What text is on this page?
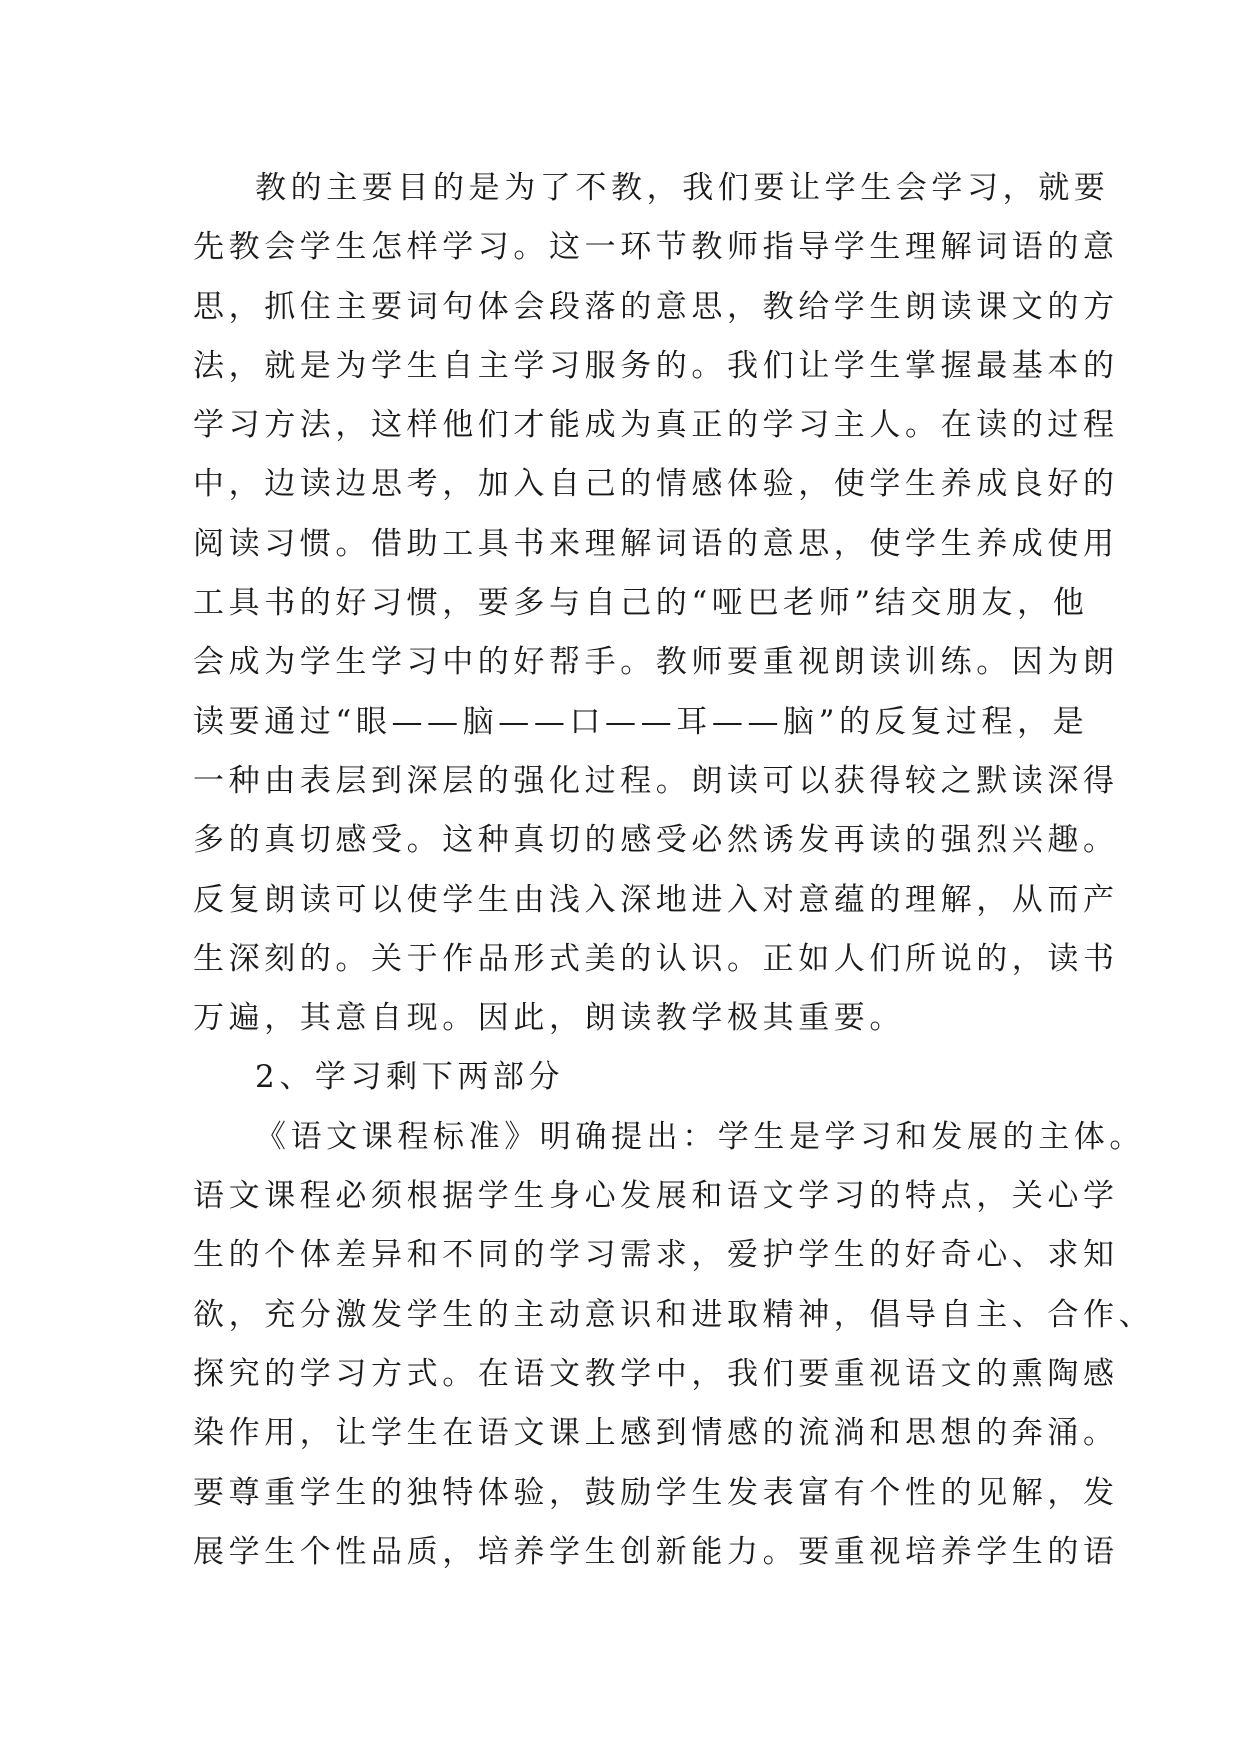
教的主要目的是为了不教，我们要让学生会学习，就要
先教会学生怎样学习。这一环节教师指导学生理解词语的意
思，抓住主要词句体会段落的意思，教给学生朗读课文的方
法，就是为学生自主学习服务的。我们让学生掌握最基本的
学习方法，这样他们才能成为真正的学习主人。在读的过程
中，边读边思考，加入自己的情感体验，使学生养成良好的
阅读习惯。借助工具书来理解词语的意思，使学生养成使用
工具书的好习惯，要多与自己的“哑巴老师”结交朋友，他
会成为学生学习中的好帮手。教师要重视朗读训练。因为朗
读要通过“眼——脑——口——耳——脑”的反复过程，是
一种由表层到深层的强化过程。朗读可以获得较之默读深得
多的真切感受。这种真切的感受必然诱发再读的强烈兴趣。
反复朗读可以使学生由浅入深地进入对意蕴的理解，从而产
生深刻的。关于作品形式美的认识。正如人们所说的，读书
万遍，其意自现。因此，朗读教学极其重要。
2、学习剩下两部分
《语文课程标准》明确提出：学生是学习和发展的主体。
语文课程必须根据学生身心发展和语文学习的特点，关心学
生的个体差异和不同的学习需求，爱护学生的好奇心、求知
欲，充分激发学生的主动意识和进取精神，倡导自主、合作、
探究的学习方式。在语文教学中，我们要重视语文的熏陶感
染作用，让学生在语文课上感到情感的流淌和思想的奔涌。
要尊重学生的独特体验，鼓励学生发表富有个性的见解，发
展学生个性品质，培养学生创新能力。要重视培养学生的语
